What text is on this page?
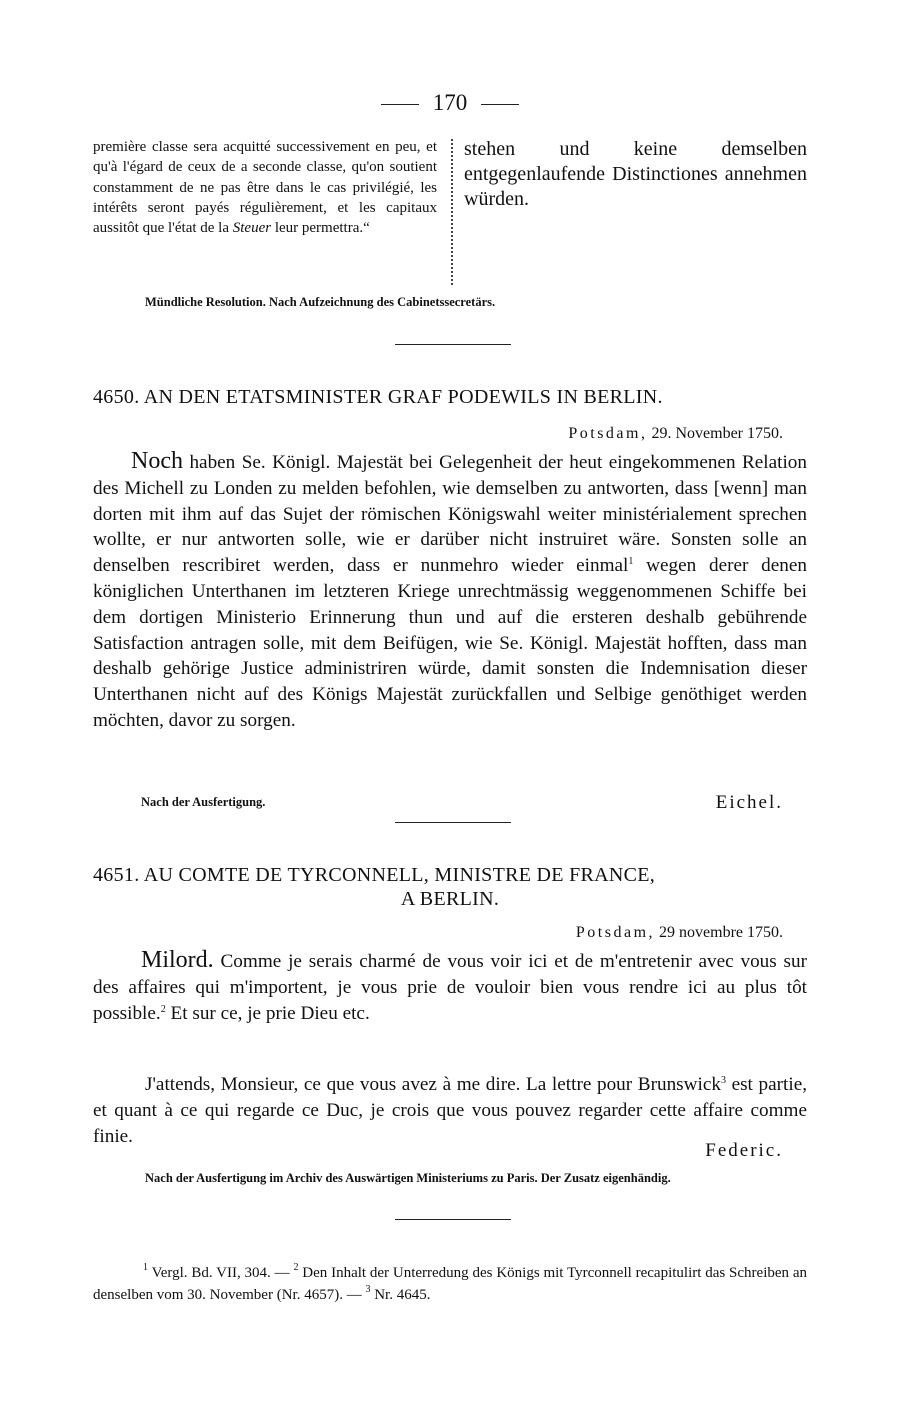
170

première classe sera acquitté successivement en peu, et qu'à l'égard de ceux de a seconde classe, qu'on soutient constamment de ne pas être dans le cas privilégié, les intérêts seront payés régulièrement, et les capitaux aussitôt que l'état de la Steuer leur permettra.“

stehen und keine demselben entgegenlaufende Distinctiones annehmen würden.

Mündliche Resolution. Nach Aufzeichnung des Cabinetssecretärs.
4650. AN DEN ETATSMINISTER GRAF PODEWILS IN BERLIN.
Potsdam, 29. November 1750.

Noch haben Se. Königl. Majestät bei Gelegenheit der heut eingekommenen Relation des Michell zu Londen zu melden befohlen, wie demselben zu antworten, dass [wenn] man dorten mit ihm auf das Sujet der römischen Königswahl weiter ministérialement sprechen wollte, er nur antworten solle, wie er darüber nicht instruiret wäre. Sonsten solle an denselben rescribiret werden, dass er nunmehro wieder einmal$^1$ wegen derer denen königlichen Unterthanen im letzteren Kriege unrechtmässig weggenommenen Schiffe bei dem dortigen Ministerio Erinnerung thun und auf die ersteren deshalb gebührende Satisfaction antragen solle, mit dem Beifügen, wie Se. Königl. Majestät hofften, dass man deshalb gehörige Justice administriren würde, damit sonsten die Indemnisation dieser Unterthanen nicht auf des Königs Majestät zurückfallen und Selbige genöthiget werden möchten, davor zu sorgen.

Nach der Ausfertigung.	Eichel.
4651. AU COMTE DE TYRCONNELL, MINISTRE DE FRANCE,
A BERLIN.
Potsdam, 29 novembre 1750.

Milord. Comme je serais charmé de vous voir ici et de m'entretenir avec vous sur des affaires qui m'importent, je vous prie de vouloir bien vous rendre ici au plus tôt possible.$^2$ Et sur ce, je prie Dieu etc.

J'attends, Monsieur, ce que vous avez à me dire. La lettre pour Brunswick$^3$ est partie, et quant à ce qui regarde ce Duc, je crois que vous pouvez regarder cette affaire comme finie.

Federic.
Nach der Ausfertigung im Archiv des Auswärtigen Ministeriums zu Paris. Der Zusatz eigenhändig.
$^1$ Vergl. Bd. VII, 304. — $^2$ Den Inhalt der Unterredung des Königs mit Tyrconnell recapitulirt das Schreiben an denselben vom 30. November (Nr. 4657). — $^3$ Nr. 4645.
